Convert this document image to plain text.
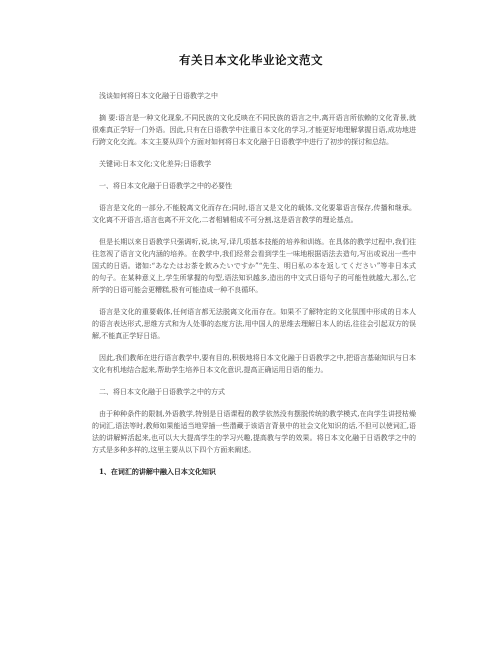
有关日本文化毕业论文范文

浅谈如何将日本文化融于日语教学之中

摘 要:语言是一种文化现象,不同民族的文化反映在不同民族的语言之中,离开语言所依赖的文化背景,就很难真正学好一门外语。因此,只有在日语教学中注重日本文化的学习,才能更好地理解掌握日语,成功地进行跨文化交流。本文主要从四个方面对如何将日本文化融于日语教学中进行了初步的探讨和总结。

关键词:日本文化;文化差异;日语教学

一、将日本文化融于日语教学之中的必要性

语言是文化的一部分,不能脱离文化而存在;同时,语言又是文化的载体,文化要靠语言保存,传播和继承。文化离不开语言,语言也离不开文化,二者相辅相成不可分割,这是语言教学的理论基点。

但是长期以来日语教学只强调听,说,读,写,译几项基本技能的培养和训练。在具体的教学过程中,我们往往忽视了语言文化内涵的培养。在教学中,我们经常会看到学生一味地根据语法去造句,写出或说出一些中国式的日语。诸如:“あなたはお茶を飲みたいですか”“先生、明日私の本を返してください”等非日本式的句子。在某种意义上,学生所掌握的句型,语法知识越多,造出的中文式日语句子的可能性就越大,那么,它所学的日语可能会更糟糕,极有可能造成一种不良循环。

语言是文化的重要载体,任何语言都无法脱离文化而存在。如果不了解特定的文化氛围中形成的日本人的语言表达形式,思维方式和为人处事的态度方法,用中国人的思维去理解日本人的话,往往会引起双方的误解,不能真正学好日语。

因此,我们教师在进行语言教学中,要有目的,积极地将日本文化融于日语教学之中,把语言基础知识与日本文化有机地结合起来,帮助学生培养日本文化意识,提高正确运用日语的能力。

二、将日本文化融于日语教学之中的方式

由于种种条件的限制,外语教学,特别是日语课程的教学依然没有摆脱传统的教学模式,在向学生讲授枯燥的词汇,语法等时,教师如果能适当地穿插一些潜藏于该语言背景中的社会文化知识的话,不但可以使词汇,语法的讲解鲜活起来,也可以大大提高学生的学习兴趣,提高教与学的效果。将日本文化融于日语教学之中的方式是多种多样的,这里主要从以下四个方面来阐述。

1、在词汇的讲解中融入日本文化知识
